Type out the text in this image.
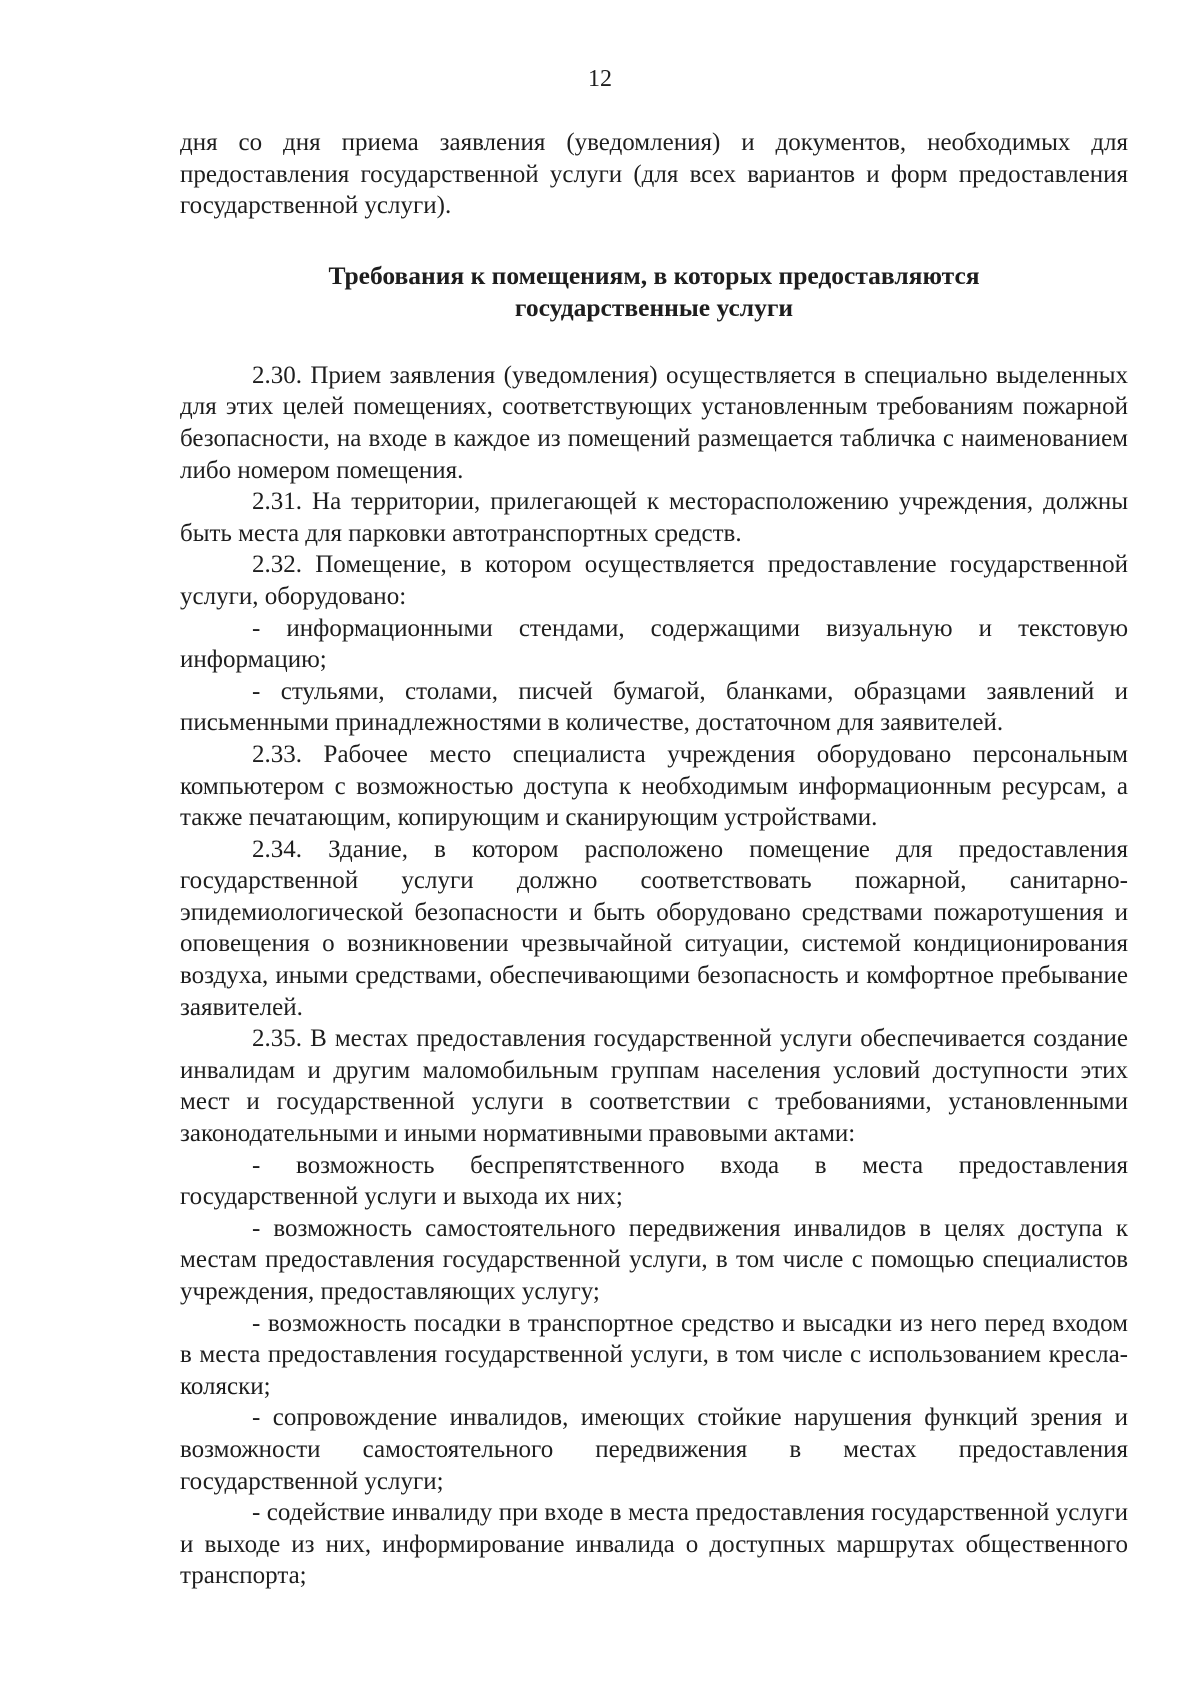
12

дня со дня приема заявления (уведомления) и документов, необходимых для предоставления государственной услуги (для всех вариантов и форм предоставления государственной услуги).

Требования к помещениям, в которых предоставляются
государственные услуги

2.30. Прием заявления (уведомления) осуществляется в специально выделенных для этих целей помещениях, соответствующих установленным требованиям пожарной безопасности, на входе в каждое из помещений размещается табличка с наименованием либо номером помещения.

2.31. На территории, прилегающей к месторасположению учреждения, должны быть места для парковки автотранспортных средств.

2.32. Помещение, в котором осуществляется предоставление государственной услуги, оборудовано:

- информационными стендами, содержащими визуальную и текстовую информацию;

- стульями, столами, писчей бумагой, бланками, образцами заявлений и письменными принадлежностями в количестве, достаточном для заявителей.

2.33. Рабочее место специалиста учреждения оборудовано персональным компьютером с возможностью доступа к необходимым информационным ресурсам, а также печатающим, копирующим и сканирующим устройствами.

2.34. Здание, в котором расположено помещение для предоставления государственной услуги должно соответствовать пожарной, санитарно-эпидемиологической безопасности и быть оборудовано средствами пожаротушения и оповещения о возникновении чрезвычайной ситуации, системой кондиционирования воздуха, иными средствами, обеспечивающими безопасность и комфортное пребывание заявителей.

2.35. В местах предоставления государственной услуги обеспечивается создание инвалидам и другим маломобильным группам населения условий доступности этих мест и государственной услуги в соответствии с требованиями, установленными законодательными и иными нормативными правовыми актами:

- возможность беспрепятственного входа в места предоставления государственной услуги и выхода их них;

- возможность самостоятельного передвижения инвалидов в целях доступа к местам предоставления государственной услуги, в том числе с помощью специалистов учреждения, предоставляющих услугу;

- возможность посадки в транспортное средство и высадки из него перед входом в места предоставления государственной услуги, в том числе с использованием кресла-коляски;

- сопровождение инвалидов, имеющих стойкие нарушения функций зрения и возможности самостоятельного передвижения в местах предоставления государственной услуги;

- содействие инвалиду при входе в места предоставления государственной услуги и выходе из них, информирование инвалида о доступных маршрутах общественного транспорта;
